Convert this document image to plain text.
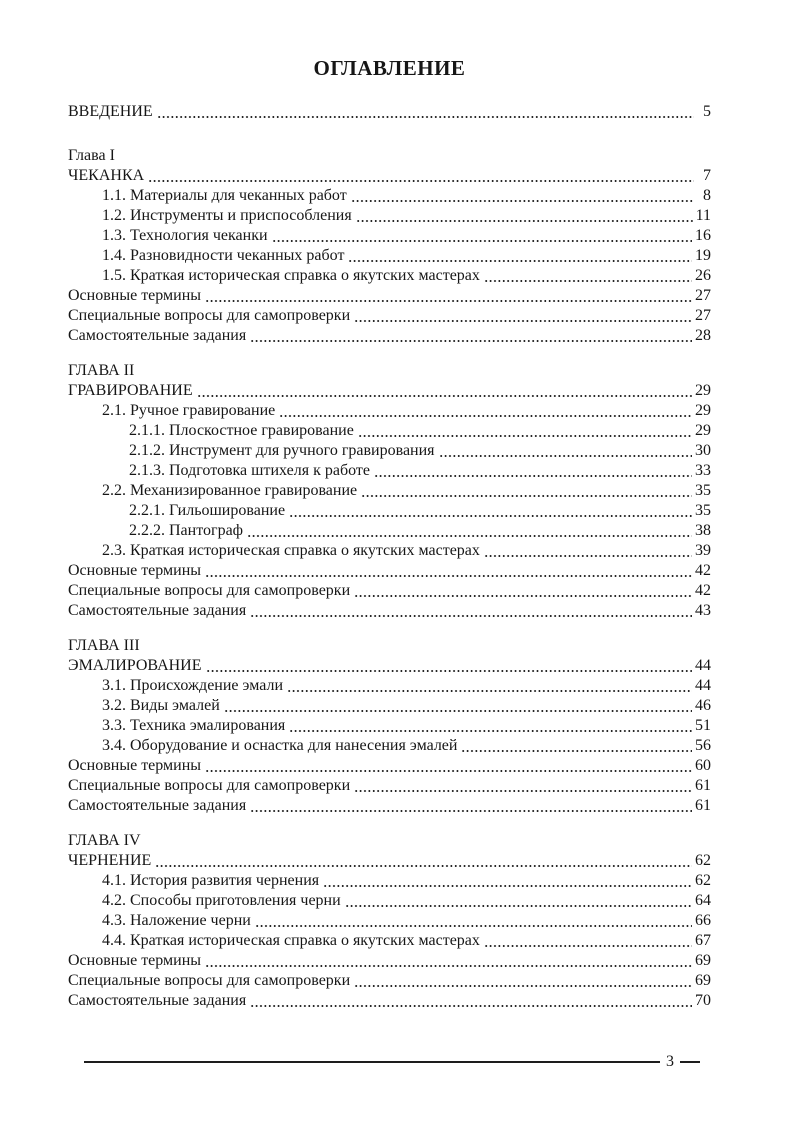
ОГЛАВЛЕНИЕ
ВВЕДЕНИЕ	5
Глава I
ЧЕКАНКА	7
1.1. Материалы для чеканных работ	8
1.2. Инструменты и приспособления	11
1.3. Технология чеканки	16
1.4. Разновидности чеканных работ	19
1.5. Краткая историческая справка о якутских мастерах	26
Основные термины	27
Специальные вопросы для самопроверки	27
Самостоятельные задания	28
ГЛАВА II
ГРАВИРОВАНИЕ	29
2.1. Ручное гравирование	29
2.1.1. Плоскостное гравирование	29
2.1.2. Инструмент для ручного гравирования	30
2.1.3. Подготовка штихеля к работе	33
2.2. Механизированное гравирование	35
2.2.1. Гильоширование	35
2.2.2. Пантограф	38
2.3. Краткая историческая справка о якутских мастерах	39
Основные термины	42
Специальные вопросы для самопроверки	42
Самостоятельные задания	43
ГЛАВА III
ЭМАЛИРОВАНИЕ	44
3.1. Происхождение эмали	44
3.2. Виды эмалей	46
3.3. Техника эмалирования	51
3.4. Оборудование и оснастка для нанесения эмалей	56
Основные термины	60
Специальные вопросы для самопроверки	61
Самостоятельные задания	61
ГЛАВА IV
ЧЕРНЕНИЕ	62
4.1. История развития чернения	62
4.2. Способы приготовления черни	64
4.3. Наложение черни	66
4.4. Краткая историческая справка о якутских мастерах	67
Основные термины	69
Специальные вопросы для самопроверки	69
Самостоятельные задания	70
3
